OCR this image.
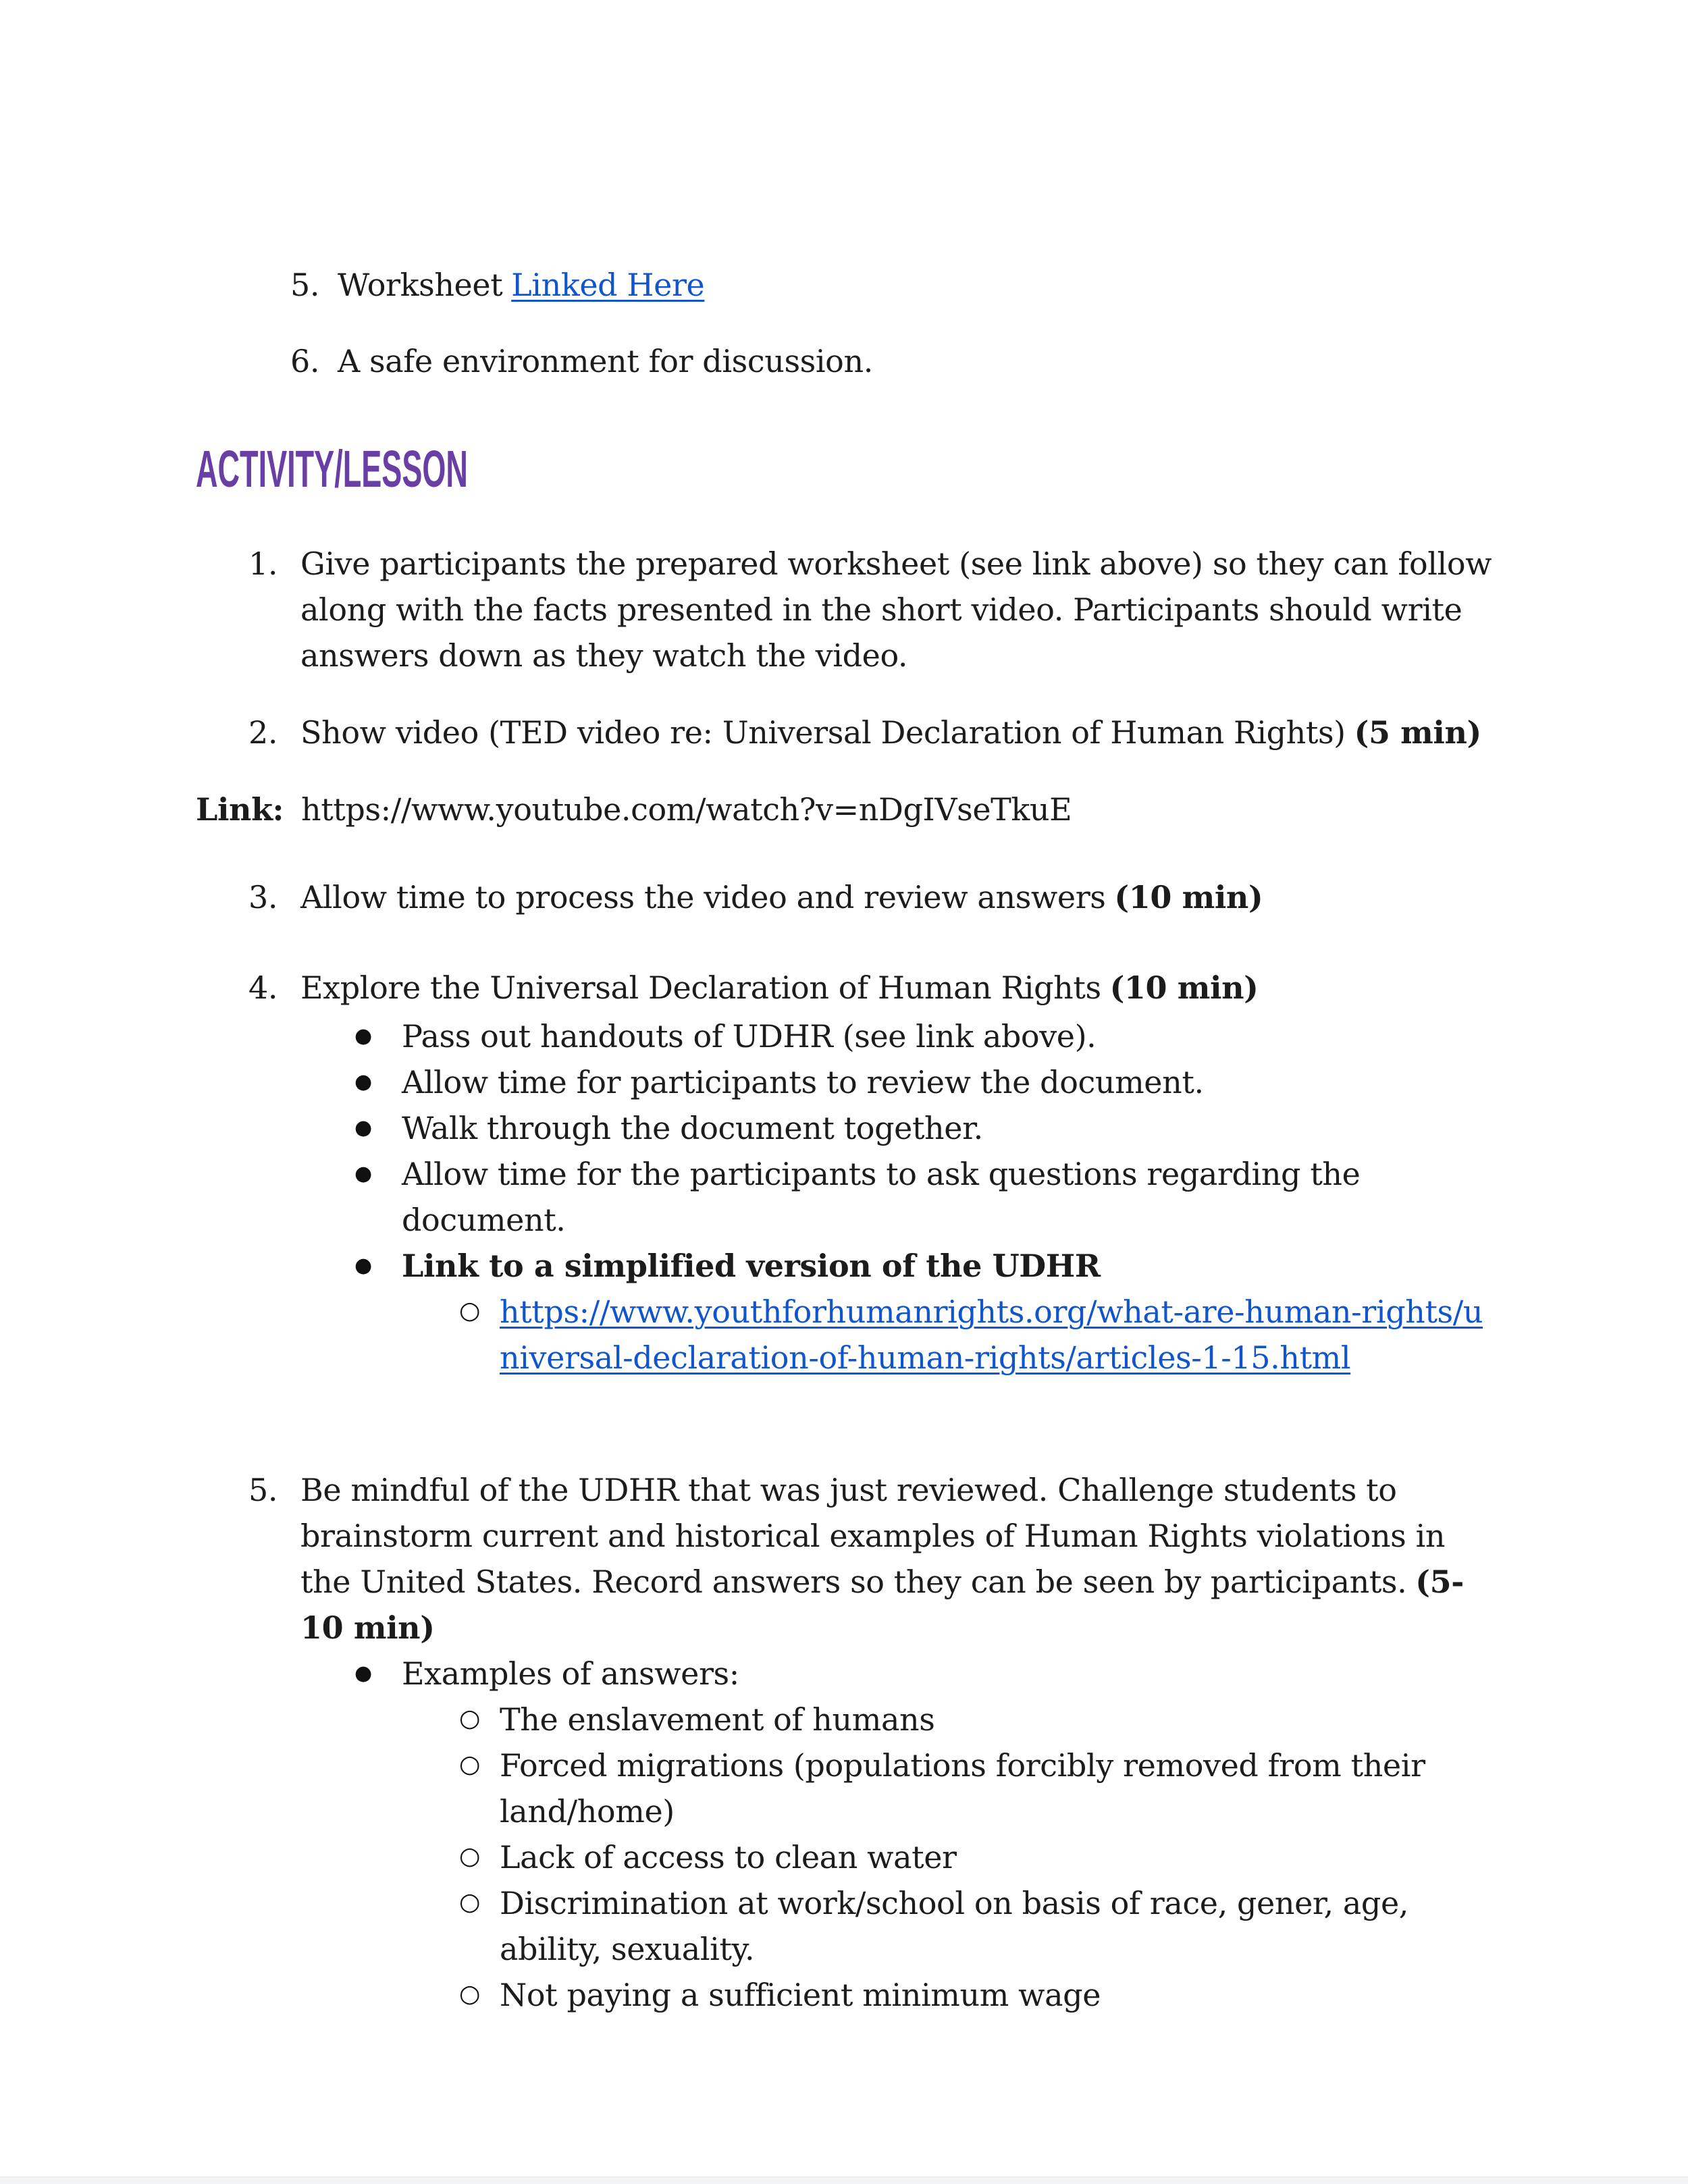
5. Worksheet Linked Here
6. A safe environment for discussion.
ACTIVITY/LESSON
1. Give participants the prepared worksheet (see link above) so they can follow along with the facts presented in the short video. Participants should write answers down as they watch the video.
2. Show video (TED video re: Universal Declaration of Human Rights) (5 min)
Link: https://www.youtube.com/watch?v=nDgIVseTkuE
3. Allow time to process the video and review answers (10 min)
4. Explore the Universal Declaration of Human Rights (10 min)
● Pass out handouts of UDHR (see link above).
● Allow time for participants to review the document.
● Walk through the document together.
● Allow time for the participants to ask questions regarding the document.
● Link to a simplified version of the UDHR
○ https://www.youthforhumanrights.org/what-are-human-rights/universal-declaration-of-human-rights/articles-1-15.html
5. Be mindful of the UDHR that was just reviewed. Challenge students to brainstorm current and historical examples of Human Rights violations in the United States. Record answers so they can be seen by participants. (5-10 min)
● Examples of answers:
○ The enslavement of humans
○ Forced migrations (populations forcibly removed from their land/home)
○ Lack of access to clean water
○ Discrimination at work/school on basis of race, gener, age, ability, sexuality.
○ Not paying a sufficient minimum wage
